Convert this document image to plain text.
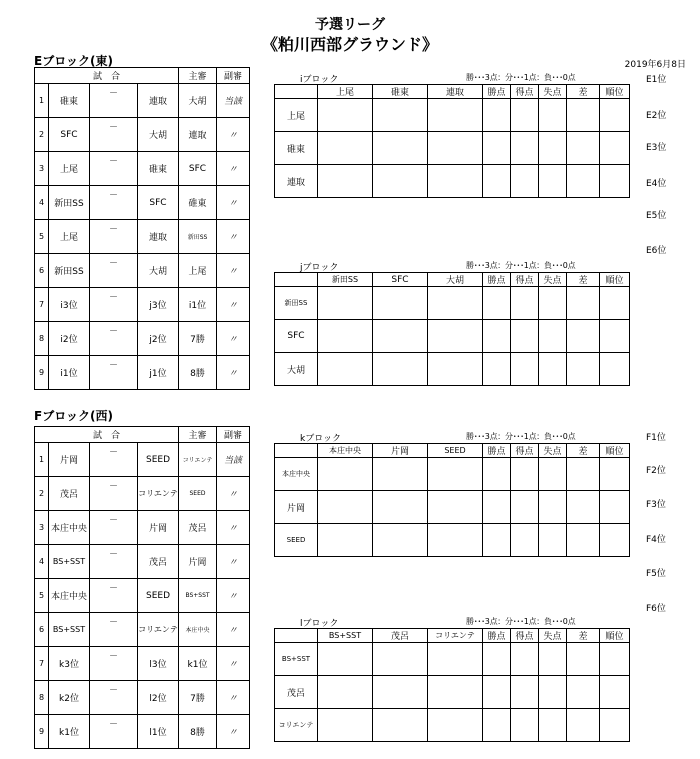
予選リーグ
《粕川西部グラウンド》
2019年6月8日
Eブロック(東)
試　合				主審	副審
1	碓東	－	連取	大胡	当該
2	SFC	－	大胡	連取	〃
3	上尾	－	碓東	SFC	〃
4	新田SS	－	SFC	碓東	〃
5	上尾	－	連取	新田SS	〃
6	新田SS	－	大胡	上尾	〃
7	i3位	－	j3位	i1位	〃
8	i2位	－	j2位	7勝	〃
9	i1位	－	j1位	8勝	〃
Fブロック(西)
試　合				主審	副審
1	片岡	－	SEED	コリエンテ	当該
2	茂呂	－	コリエンテ	SEED	〃
3	本庄中央	－	片岡	茂呂	〃
4	BS+SST	－	茂呂	片岡	〃
5	本庄中央	－	SEED	BS+SST	〃
6	BS+SST	－	コリエンテ	本庄中央	〃
7	k3位	－	l3位	k1位	〃
8	k2位	－	l2位	7勝	〃
9	k1位	－	l1位	8勝	〃
iブロック	勝･･･3点：分･･･1点：負･･･0点
jブロック	勝･･･3点：分･･･1点：負･･･0点
kブロック	勝･･･3点：分･･･1点：負･･･0点
lブロック	勝･･･3点：分･･･1点：負･･･0点
	上尾	碓東	連取	勝点	得点	失点	差	順位
上尾								
碓東								
連取								
	新田SS	SFC	大胡	勝点	得点	失点	差	順位
新田SS								
SFC								
大胡								
	本庄中央	片岡	SEED	勝点	得点	失点	差	順位
本庄中央								
片岡								
SEED								
	BS+SST	茂呂	コリエンテ	勝点	得点	失点	差	順位
BS+SST								
茂呂								
コリエンテ								
E1位
E2位
E3位
E4位
E5位
E6位
F1位
F2位
F3位
F4位
F5位
F6位
